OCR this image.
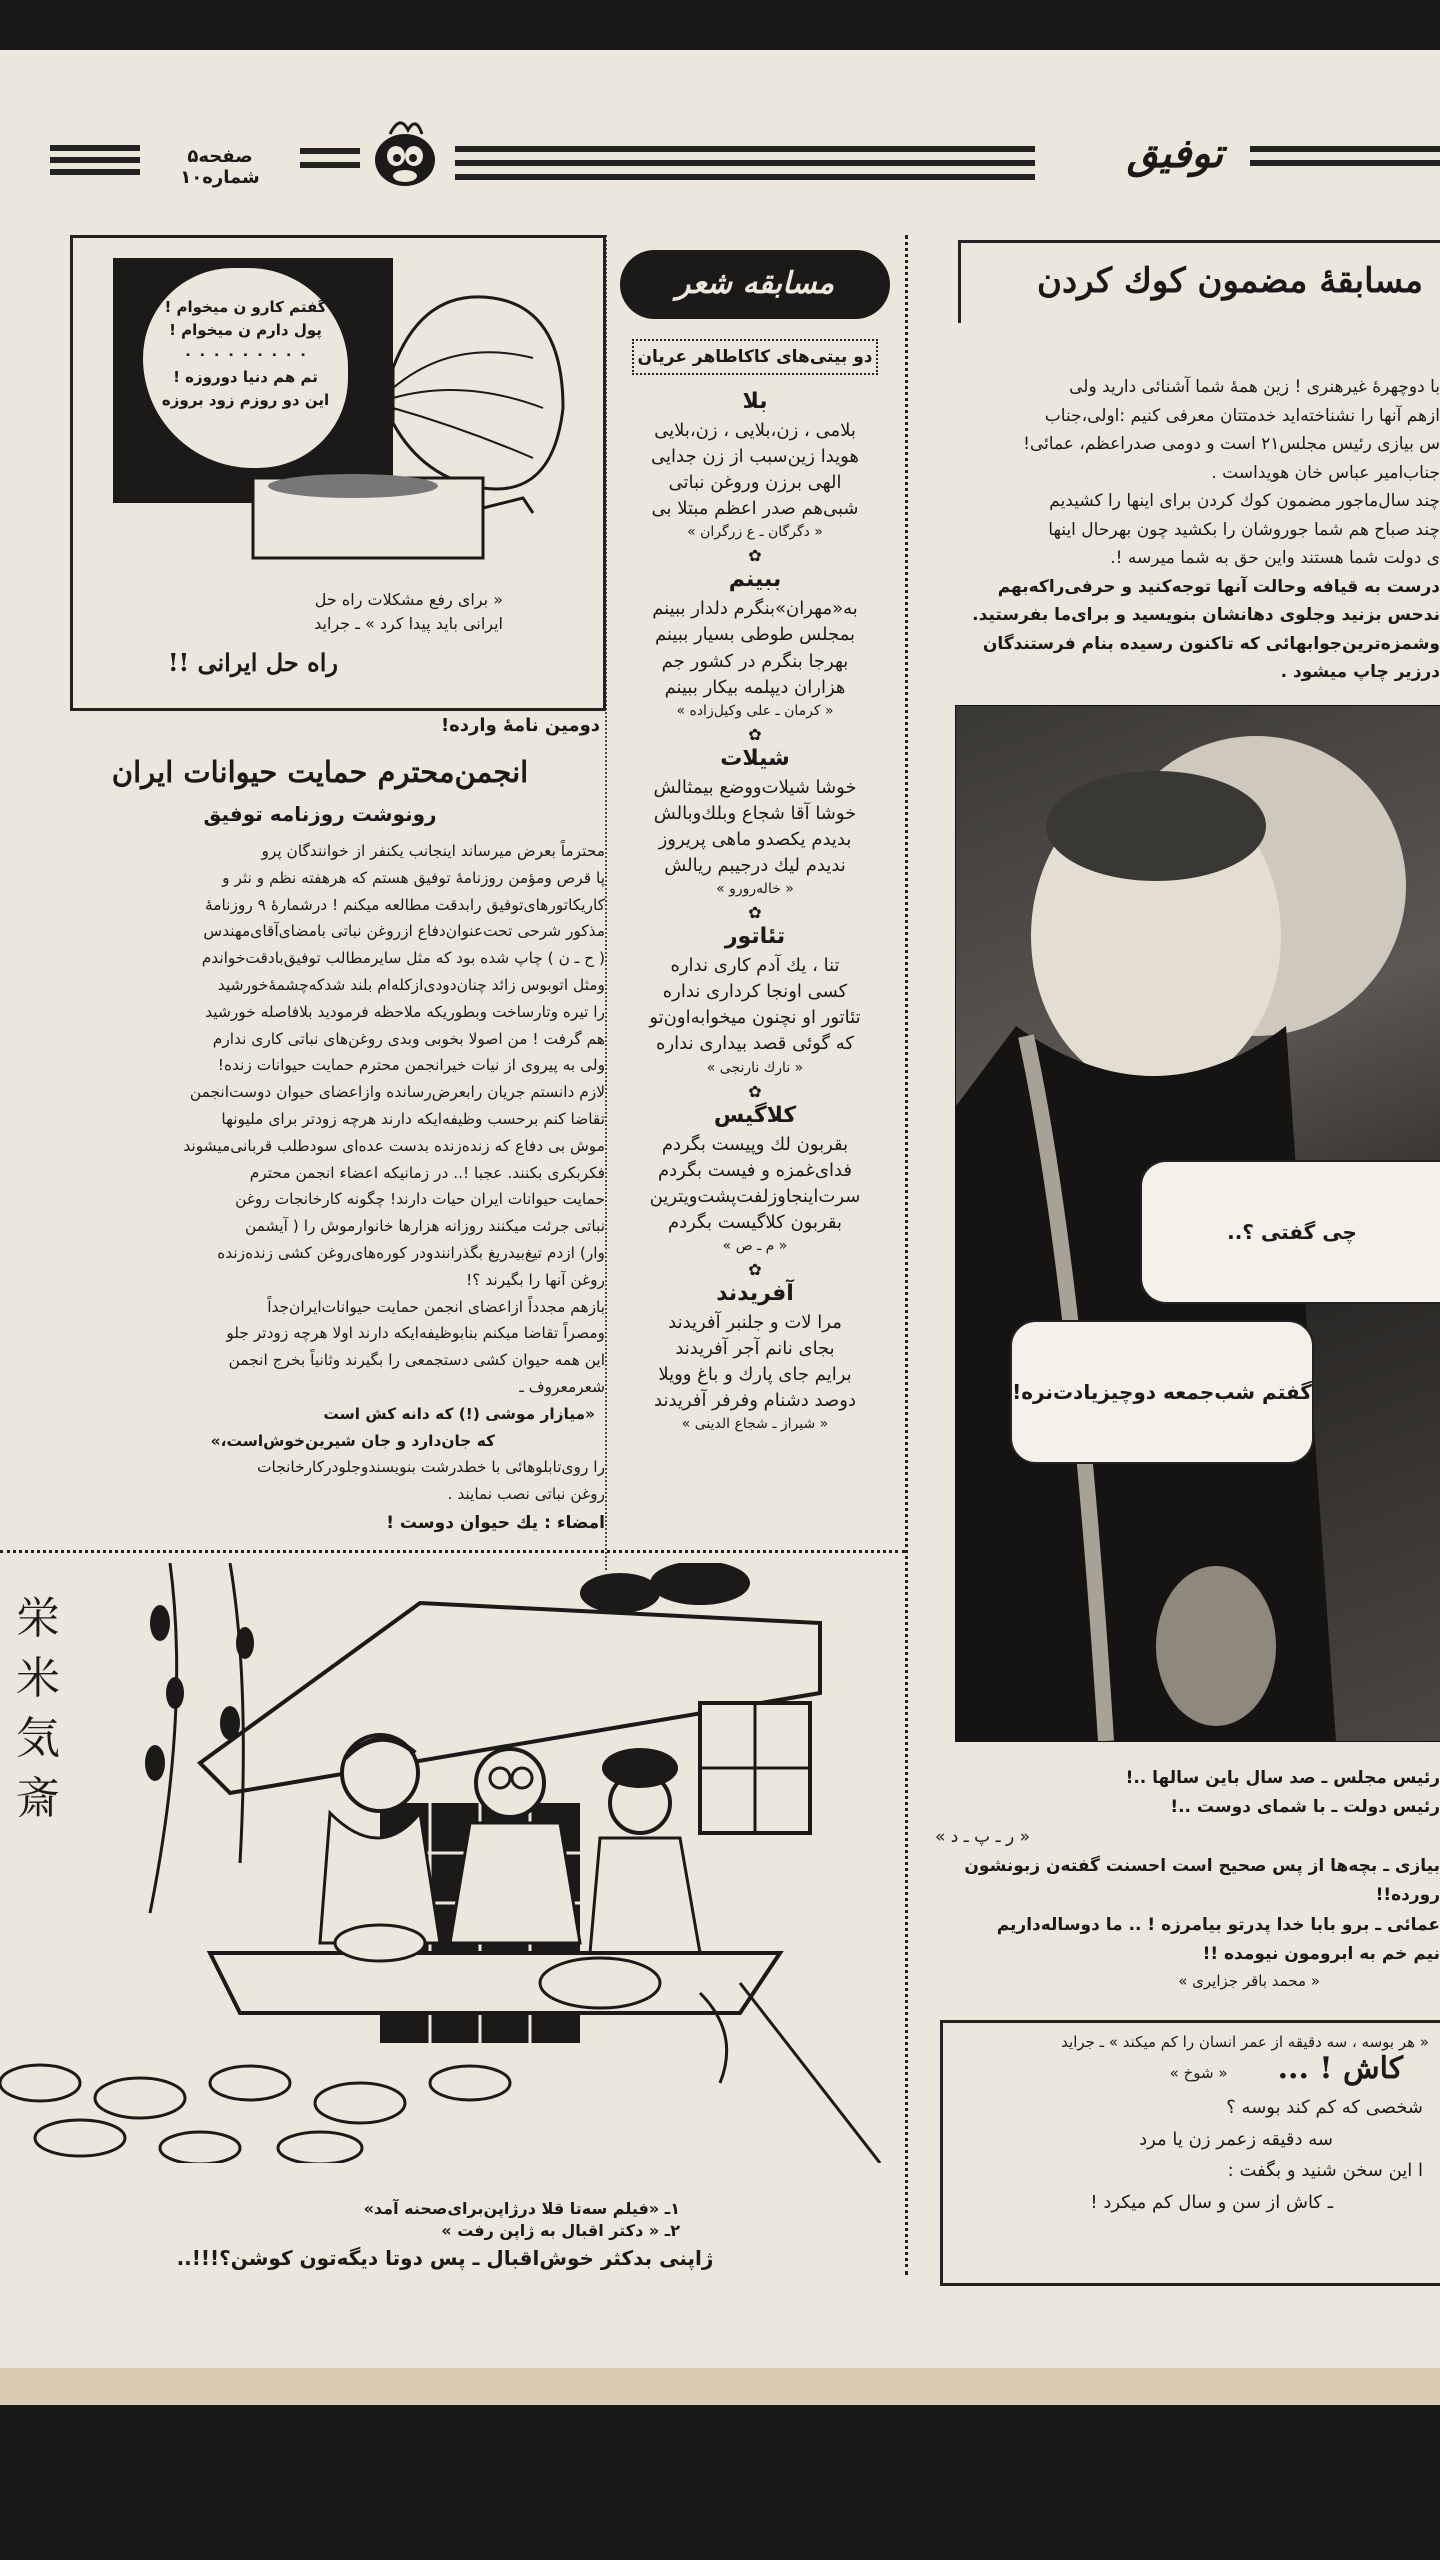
صفحه۵ شماره۱۰
توفیق
مسابقهٔ مضمون کوك کردن

با دوچهرهٔ غیرهنری ! زین همهٔ شما آشنائی دارید ولی

ازهم آنها را نشناخته‌اید خدمتتان معرفی کنیم :اولی،جناب

س بیازی رئیس مجلس۲۱ است و دومی صدراعظم، عمائی!

جناب‌امیر عباس خان هویداست .

چند سال‌ماجور مضمون کوك کردن برای اینها را کشیدیم

چند صباح هم شما جوروشان را بکشید چون بهرحال اینها

ی دولت شما هستند واین حق به شما میرسه !.

درست به قیافه وحالت آنها توجه‌کنید و حرفی‌راکه‌بهم

ندحس بزنید وجلوی دهانشان بنویسید و برای‌ما بفرستید.

وشمزه‌ترین‌جوابهائی که تاکنون رسیده بنام فرستندگان

درزیر چاپ میشود .

چی گفتی ؟..
گفتم شب‌جمعه دوچیزیادت‌نره!

رئیس مجلس ـ صد سال باین سالها ..!

رئیس دولت ـ با شمای دوست ..!

« ر ـ پ ـ د »

بیازی ـ بچه‌ها از پس صحیح است احسنت گفته‌ن زبونشون

رورده!!

عمائی ـ برو بابا خدا پدرتو بیامرزه ! .. ما دوساله‌داریم

نیم خم به ابرومون نیومده !!

« محمد باقر جزایری »

« هر بوسه ، سه دقیقه از عمر انسان را کم میکند » ـ جراید
کاش ! ...
« شوخ »
شخصی که کم کند بوسه ؟
سه دقیقه زعمر زن یا مرد
ا این سخن شنید و بگفت :
ـ کاش از سن و سال کم میکرد !
مسابقه شعر
دو بیتی‌های کاکاطاهر عریان
بلا
بلامی ، زن،بلایی ، زن،بلایی
هویدا زین‌سبب از زن جدایی
الهی برزن وروغن نباتی
شبی‌هم صدر اعظم مبتلا بی
« دگرگان ـ ع زرگران »
✿
ببینم
به«مهران»بنگرم دلدار ببینم
بمجلس طوطی بسیار ببینم
بهرجا بنگرم در کشور جم
هزاران دیپلمه بیکار ببینم
« کرمان ـ علی وکیل‌زاده »
✿
شیلات
خوشا شیلات‌ووضع بیمثالش
خوشا آقا شجاع وبلك‌وبالش
بدیدم یکصدو ماهی پریروز
ندیدم لیك درجیبم ریالش
« خاله‌رورو »
✿
تئاتور
تنا ، یك آدم کاری نداره
کسی اونجا کرداری نداره
تئاتور او نچنون میخوابه‌اون‌تو
که‌ گوئی قصد بیداری نداره
« نارك نارنجی »
✿
کلاگیس
بقربون لك وپیست بگردم
فدای‌غمزه و فیست بگردم
سرت‌اینجاوزلفت‌پشت‌ویترین
بقربون کلاگیست بگردم
« م ـ ص »
✿
آفریدند
مرا لات و جلنبر آفریدند
بجای نانم آجر آفریدند
برایم جای پارك و باغ وویلا
دوصد دشنام وفرفر آفریدند
« شیراز ـ شجاع الدینی »
گفتم کارو ن میخوام !
پول دارم ن میخوام !
۰ ۰ ۰ ۰ ۰ ۰ ۰ ۰ ۰
تم هم دنیا دوروزه !
این دو روزم زود بروزه
« برای رفع مشکلات راه حل
ایرانی باید پیدا کرد » ـ جراید
راه حل ایرانی !!
دومین نامهٔ وارده!
انجمن‌محترم حمایت حیوانات ایران
رونوشت روزنامه توفیق

محترماً بعرض میرساند اینجانب یکنفر از خوانندگان پرو

پا قرص ومؤمن روزنامهٔ توفیق هستم که هرهفته نظم و نثر و

کاریکاتورهای‌توفیق رابدقت مطالعه میکنم ! درشمارهٔ ۹ روزنامهٔ

مذکور شرحی تحت‌عنوان‌دفاع ازروغن نباتی بامضای‌آقای‌مهندس

( ح ـ ن ) چاپ شده بود که مثل سایرمطالب توفیق‌بادقت‌خواندم

ومثل اتوبوس زائد چنان‌دودی‌ازکله‌ام بلند شدکه‌چشمهٔ‌خورشید

را تیره وتارساخت وبطوریکه ملاحظه فرمودید بلافاصله خورشید

هم گرفت ! من اصولا بخوبی وبدی روغن‌های نباتی کاری ندارم

ولی به پیروی از نیات خیرانجمن محترم حمایت حیوانات زنده!

لازم دانستم جریان رابعرض‌رسانده وازاعضای حیوان دوست‌انجمن

تقاضا کنم برحسب وظیفه‌ایکه دارند هرچه زودتر برای ملیونها

موش بی دفاع که زنده‌زنده بدست عده‌ای سودطلب قربانی‌میشوند

فکربکری بکنند. عجبا !.. در زمانیکه اعضاء انجمن محترم

حمایت حیوانات ایران حیات دارند! چگونه کارخانجات روغن

نباتی جرئت میکنند روزانه هزارها خانوارموش را ( آیشمن

وار) ازدم تیغ‌بیدریغ بگذرانندودر کوره‌های‌روغن کشی زنده‌زنده

روغن آنها را بگیرند ؟!

بازهم مجدداً ازاعضای انجمن حمایت حیوانات‌ایران‌جداً

ومصراً تقاضا میکنم بنابوظیفه‌ایکه دارند اولا هرچه زودتر جلو

این همه حیوان کشی دستجمعی را بگیرند وثانیاً بخرج انجمن

شعرمعروف ـ

«میازار موشی (!) که دانه کش است

که جان‌دارد و جان شیرین‌خوش‌است،»

را روی‌تابلوهائی با خطدرشت بنویسندوجلودرکارخانجات

روغن نباتی نصب نمایند .

امضاء : یك حیوان دوست !

栄
米
気
斎
۱ـ «فیلم سه‌تا قلا درژاپن‌برای‌صحنه آمد»
۲ـ « دکتر اقبال به ژاپن رفت »
ژاپنی بدکثر خوش‌اقبال ـ پس دوتا دیگه‌تون کوشن؟!!!..
